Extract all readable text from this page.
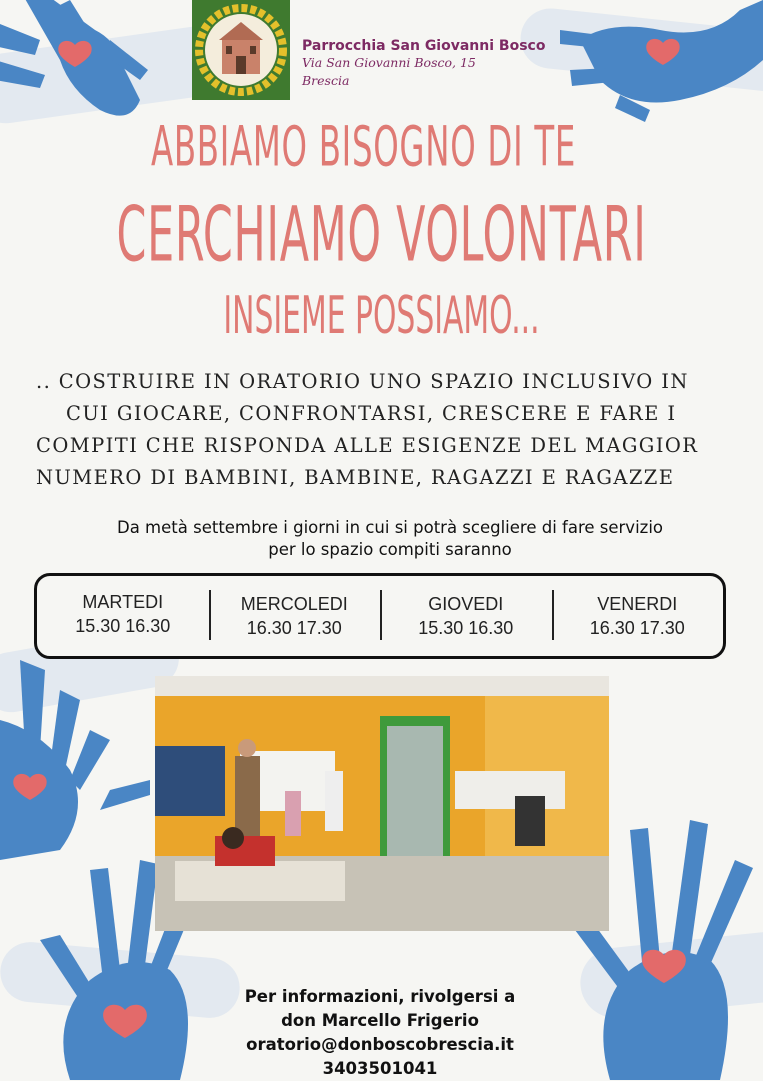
Parrocchia San Giovanni Bosco
Via San Giovanni Bosco, 15
Brescia
ABBIAMO BISOGNO DI TE
CERCHIAMO VOLONTARI
INSIEME POSSIAMO...
.. COSTRUIRE IN ORATORIO UNO SPAZIO INCLUSIVO IN
CUI GIOCARE, CONFRONTARSI, CRESCERE E FARE I
COMPITI CHE RISPONDA ALLE ESIGENZE DEL MAGGIOR
NUMERO DI BAMBINI, BAMBINE, RAGAZZI E RAGAZZE
Da metà settembre i giorni in cui si potrà scegliere di fare servizio
per lo spazio compiti saranno
MARTEDI
15.30 16.30
MERCOLEDI
16.30 17.30
GIOVEDI
15.30 16.30
VENERDI
16.30 17.30
Per informazioni, rivolgersi a
don Marcello Frigerio
oratorio@donboscobrescia.it
3403501041
